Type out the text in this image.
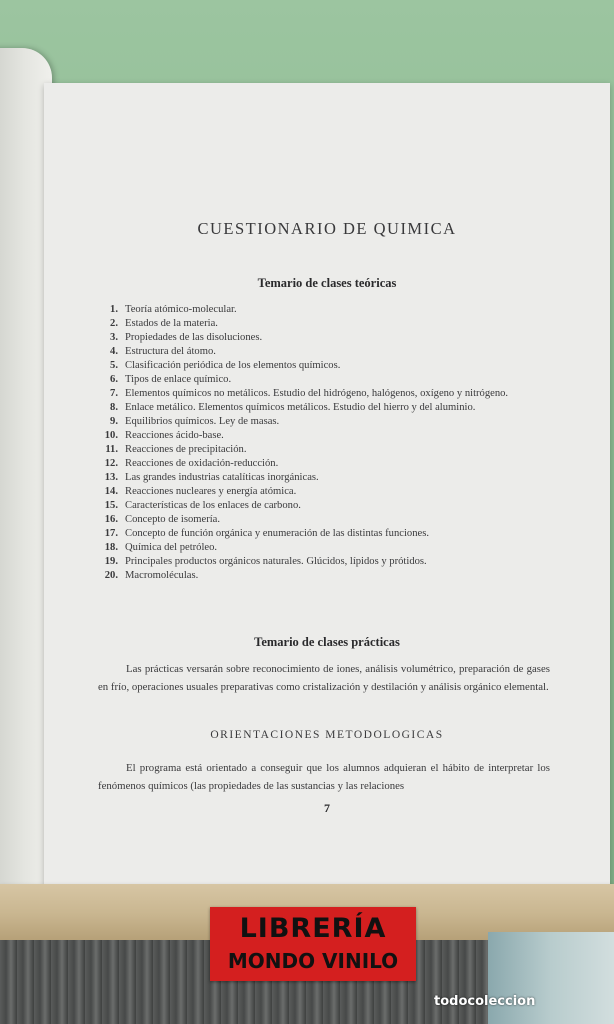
CUESTIONARIO DE QUIMICA
Temario de clases teóricas
1. Teoría atómico-molecular.
2. Estados de la materia.
3. Propiedades de las disoluciones.
4. Estructura del átomo.
5. Clasificación periódica de los elementos químicos.
6. Tipos de enlace químico.
7. Elementos químicos no metálicos. Estudio del hidrógeno, halógenos, oxígeno y nitrógeno.
8. Enlace metálico. Elementos químicos metálicos. Estudio del hierro y del aluminio.
9. Equilibrios químicos. Ley de masas.
10. Reacciones ácido-base.
11. Reacciones de precipitación.
12. Reacciones de oxidación-reducción.
13. Las grandes industrias catalíticas inorgánicas.
14. Reacciones nucleares y energía atómica.
15. Características de los enlaces de carbono.
16. Concepto de isomería.
17. Concepto de función orgánica y enumeración de las distintas funciones.
18. Química del petróleo.
19. Principales productos orgánicos naturales. Glúcidos, lípidos y prótidos.
20. Macromoléculas.
Temario de clases prácticas

Las prácticas versarán sobre reconocimiento de iones, análisis volumétrico, preparación de gases en frío, operaciones usuales preparativas como cristalización y destilación y análisis orgánico elemental.

ORIENTACIONES METODOLOGICAS

El programa está orientado a conseguir que los alumnos adquieran el hábito de interpretar los fenómenos químicos (las propiedades de las sustancias y las relaciones

7
LIBRERÍA
MONDO VINILO
todocoleccion
